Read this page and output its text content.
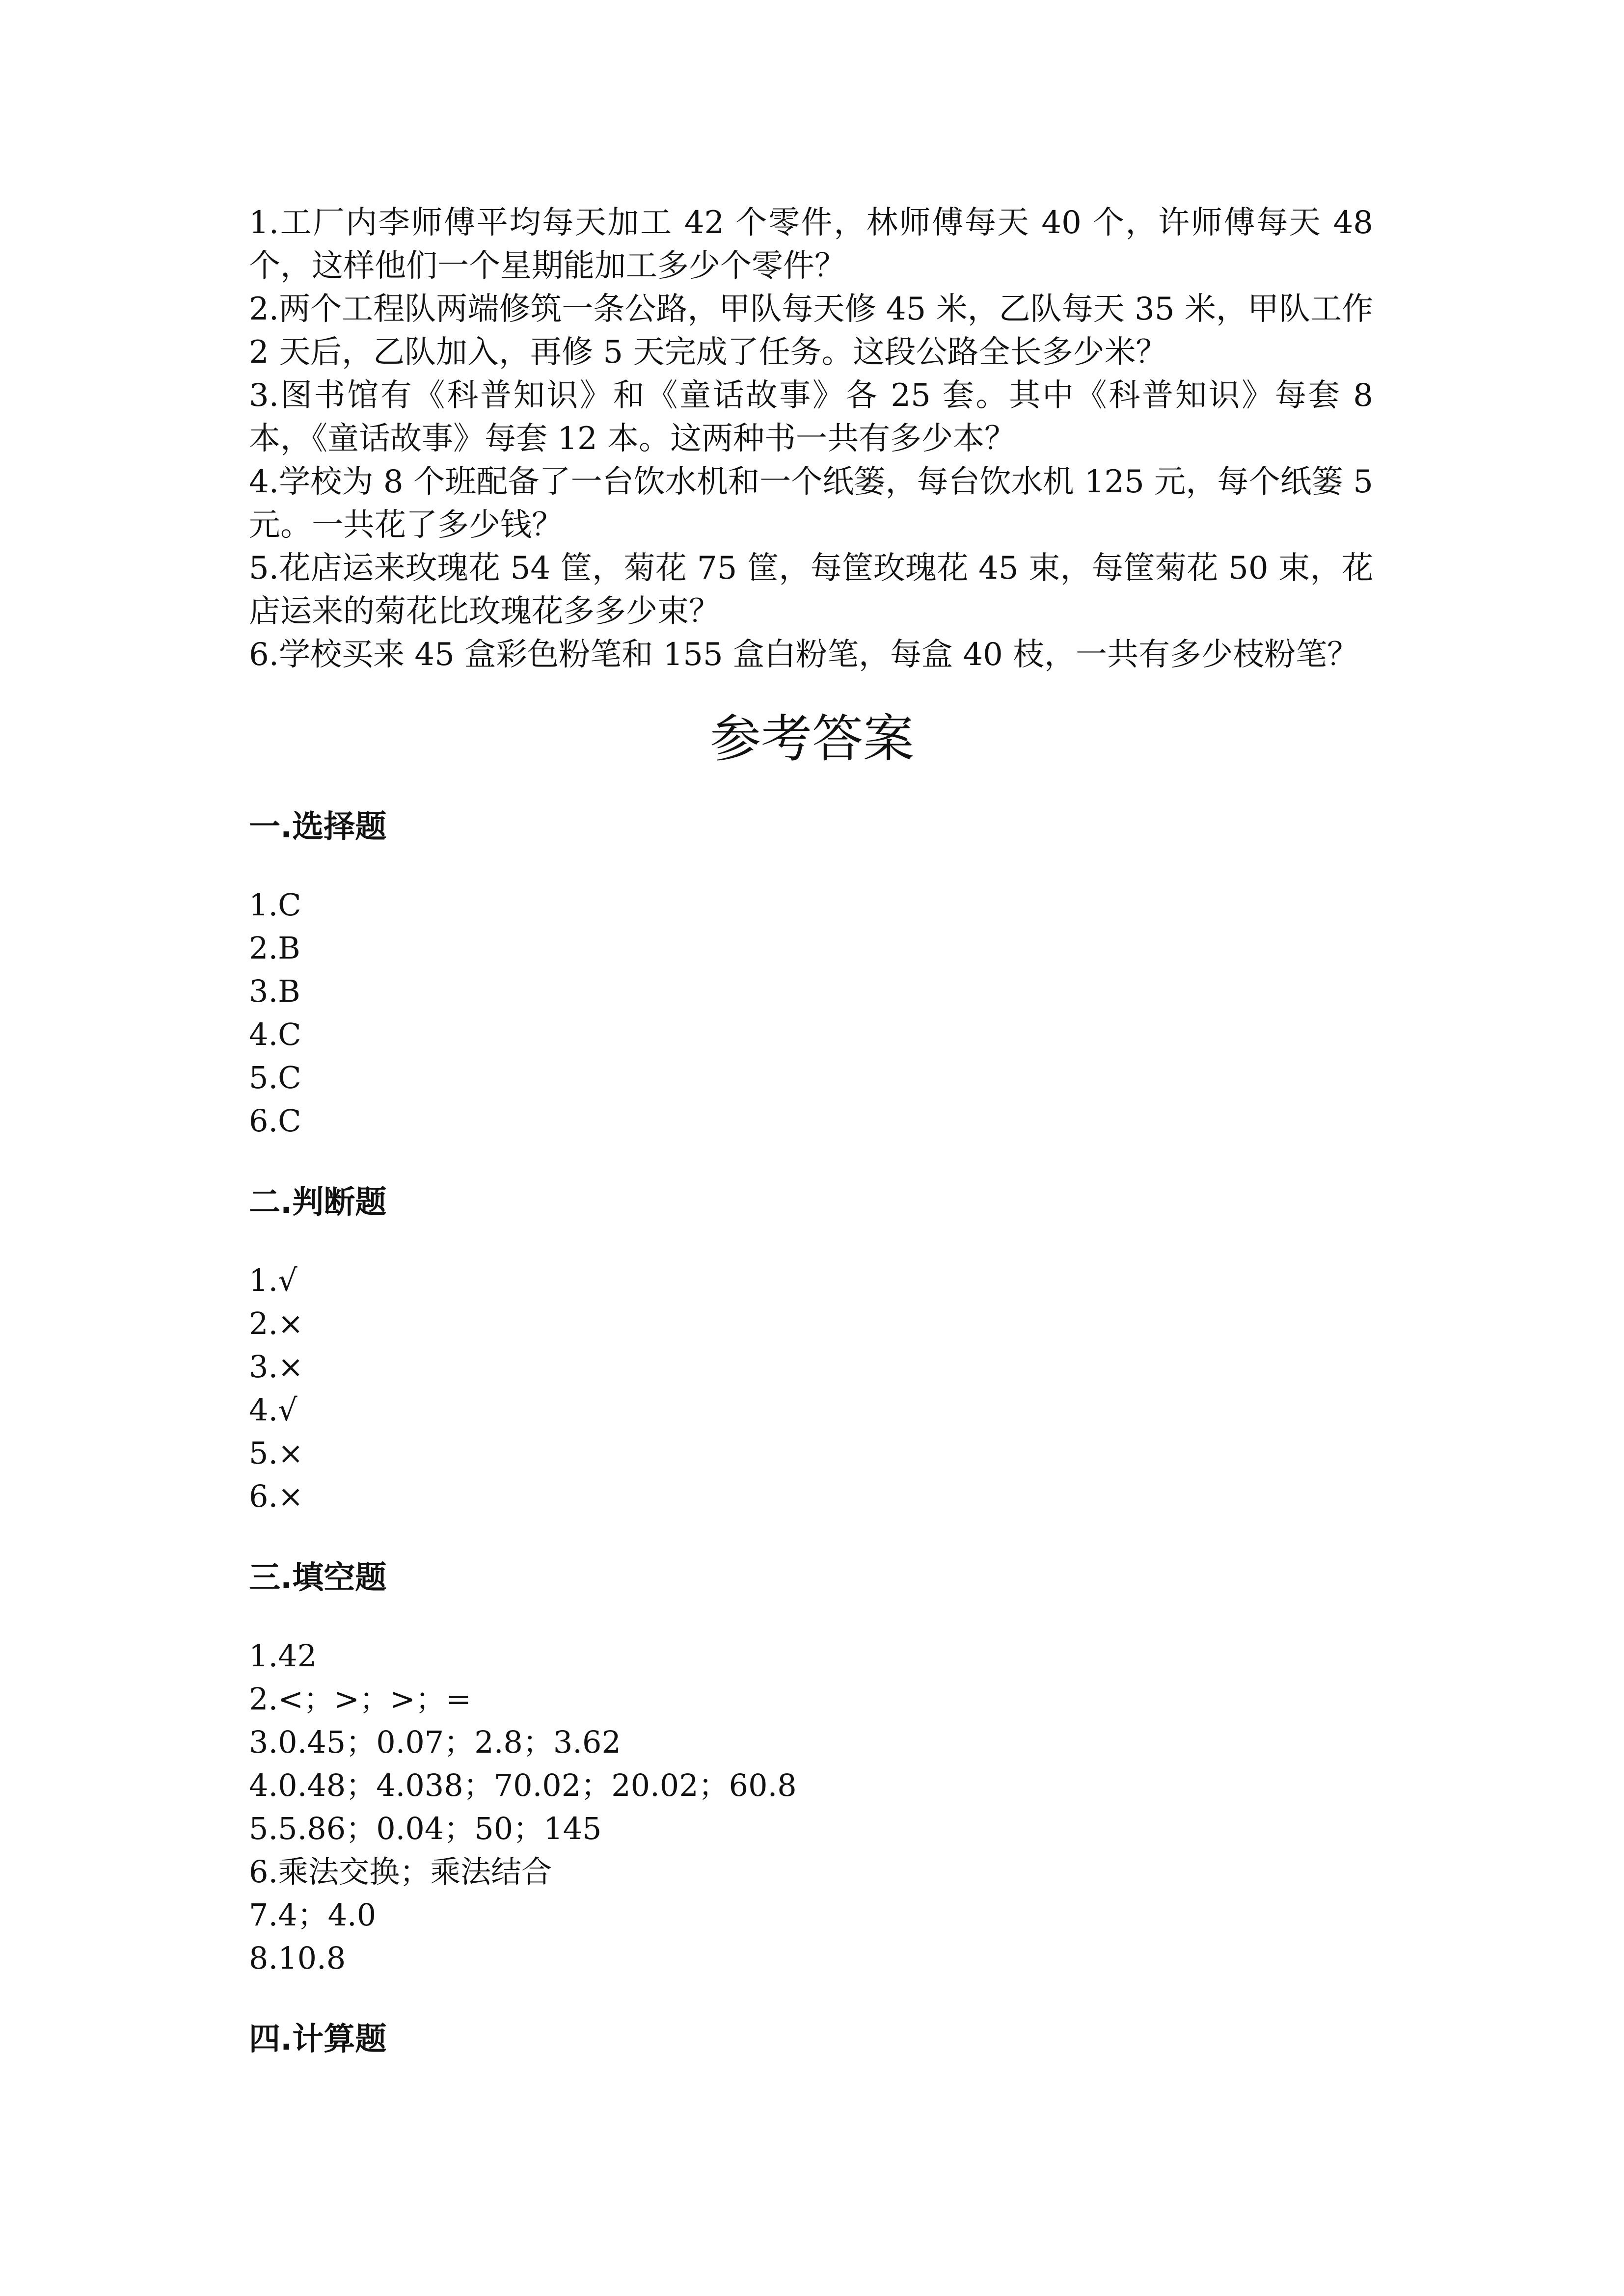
1.工厂内李师傅平均每天加工 42 个零件，林师傅每天 40 个，许师傅每天 48 个，这样他们一个星期能加工多少个零件？

2.两个工程队两端修筑一条公路，甲队每天修 45 米，乙队每天 35 米，甲队工作 2 天后，乙队加入，再修 5 天完成了任务。这段公路全长多少米？

3.图书馆有《科普知识》和《童话故事》各 25 套。其中《科普知识》每套 8 本，《童话故事》每套 12 本。这两种书一共有多少本？

4.学校为 8 个班配备了一台饮水机和一个纸篓，每台饮水机 125 元，每个纸篓 5 元。一共花了多少钱？

5.花店运来玫瑰花 54 筐，菊花 75 筐，每筐玫瑰花 45 束，每筐菊花 50 束，花店运来的菊花比玫瑰花多多少束？

6.学校买来 45 盒彩色粉笔和 155 盒白粉笔，每盒 40 枝，一共有多少枝粉笔？

参考答案
一.选择题

1.C

2.B

3.B

4.C

5.C

6.C

二.判断题

1.√

2.×

3.×

4.√

5.×

6.×

三.填空题

1.42

2.<；>；>；=

3.0.45；0.07；2.8；3.62

4.0.48；4.038；70.02；20.02；60.8

5.5.86；0.04；50；145

6.乘法交换；乘法结合

7.4；4.0

8.10.8

四.计算题
